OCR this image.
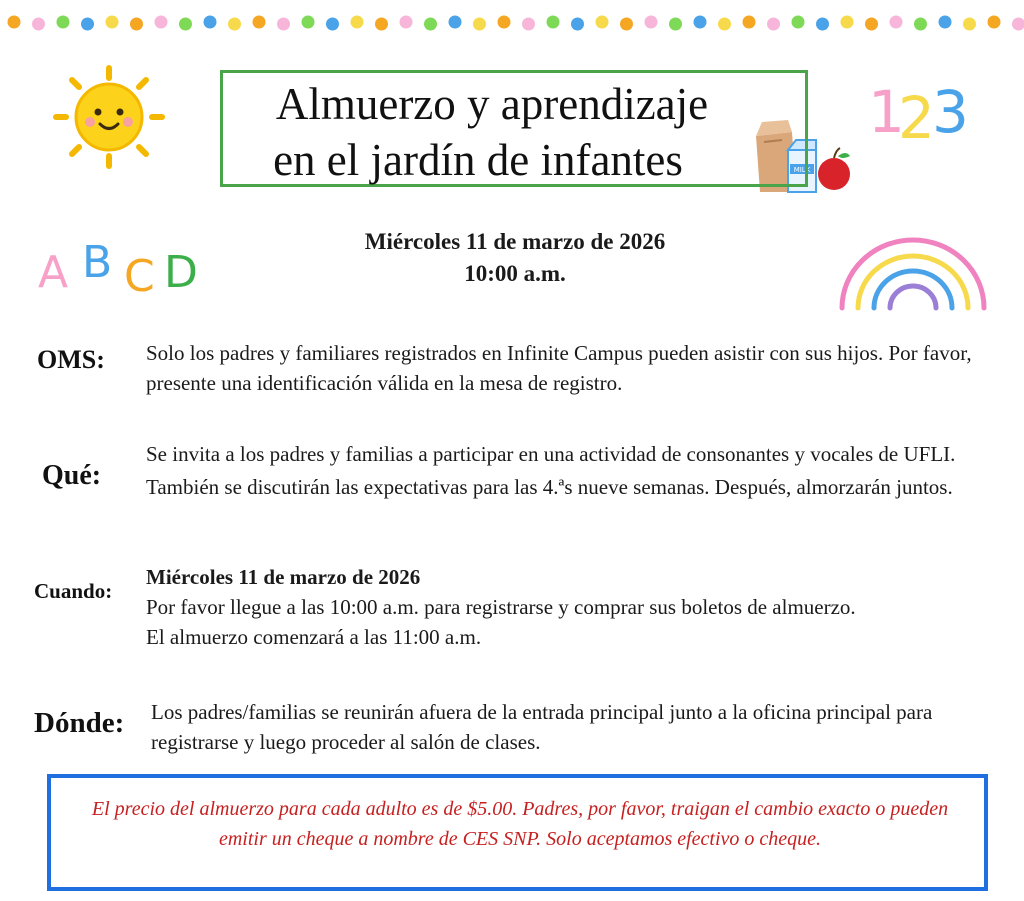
A B C D
1
2
3
MILK
Almuerzo y aprendizaje
en el jardín de infantes
Miércoles 11 de marzo de 2026
10:00 a.m.
OMS: Solo los padres y familiares registrados en Infinite Campus pueden asistir con sus hijos. Por favor, presente una identificación válida en la mesa de registro.
Qué:
Se invita a los padres y familias a participar en una actividad de consonantes y vocales de UFLI. También se discutirán las expectativas para las 4.ªs nueve semanas. Después, almorzarán juntos.
Cuando:
Miércoles 11 de marzo de 2026
Por favor llegue a las 10:00 a.m. para registrarse y comprar sus boletos de almuerzo.
El almuerzo comenzará a las 11:00 a.m.
Dónde: Los padres/familias se reunirán afuera de la entrada principal junto a la oficina principal para registrarse y luego proceder al salón de clases.
El precio del almuerzo para cada adulto es de $5.00. Padres, por favor, traigan el cambio exacto o pueden emitir un cheque a nombre de CES SNP. Solo aceptamos efectivo o cheque.
